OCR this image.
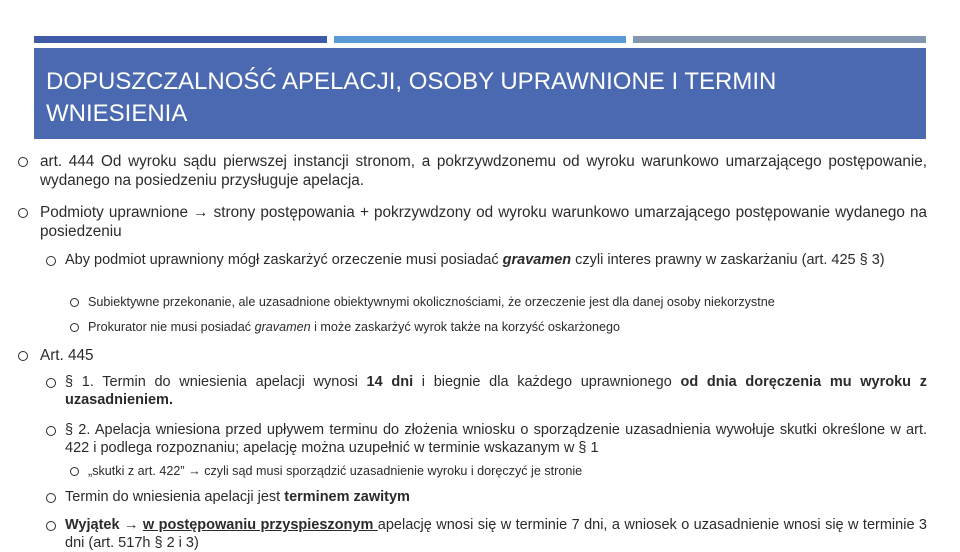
DOPUSZCZALNOŚĆ APELACJI, OSOBY UPRAWNIONE I TERMIN WNIESIENIA
art. 444 Od wyroku sądu pierwszej instancji stronom, a pokrzywdzonemu od wyroku warunkowo umarzającego postępowanie, wydanego na posiedzeniu przysługuje apelacja.
Podmioty uprawnione → strony postępowania + pokrzywdzony od wyroku warunkowo umarzającego postępowanie wydanego na posiedzeniu
Aby podmiot uprawniony mógł zaskarżyć orzeczenie musi posiadać gravamen czyli interes prawny w zaskarżaniu (art. 425 § 3)
Subiektywne przekonanie, ale uzasadnione obiektywnymi okolicznościami, że orzeczenie jest dla danej osoby niekorzystne
Prokurator nie musi posiadać gravamen i może zaskarżyć wyrok także na korzyść oskarżonego
Art. 445
§ 1. Termin do wniesienia apelacji wynosi 14 dni i biegnie dla każdego uprawnionego od dnia doręczenia mu wyroku z uzasadnieniem.
§ 2. Apelacja wniesiona przed upływem terminu do złożenia wniosku o sporządzenie uzasadnienia wywołuje skutki określone w art. 422 i podlega rozpoznaniu; apelację można uzupełnić w terminie wskazanym w § 1
„skutki z art. 422” → czyli sąd musi sporządzić uzasadnienie wyroku i doręczyć je stronie
Termin do wniesienia apelacji jest terminem zawitym
Wyjątek → w postępowaniu przyspieszonym apelację wnosi się w terminie 7 dni, a wniosek o uzasadnienie wnosi się w terminie 3 dni (art. 517h § 2 i 3)
